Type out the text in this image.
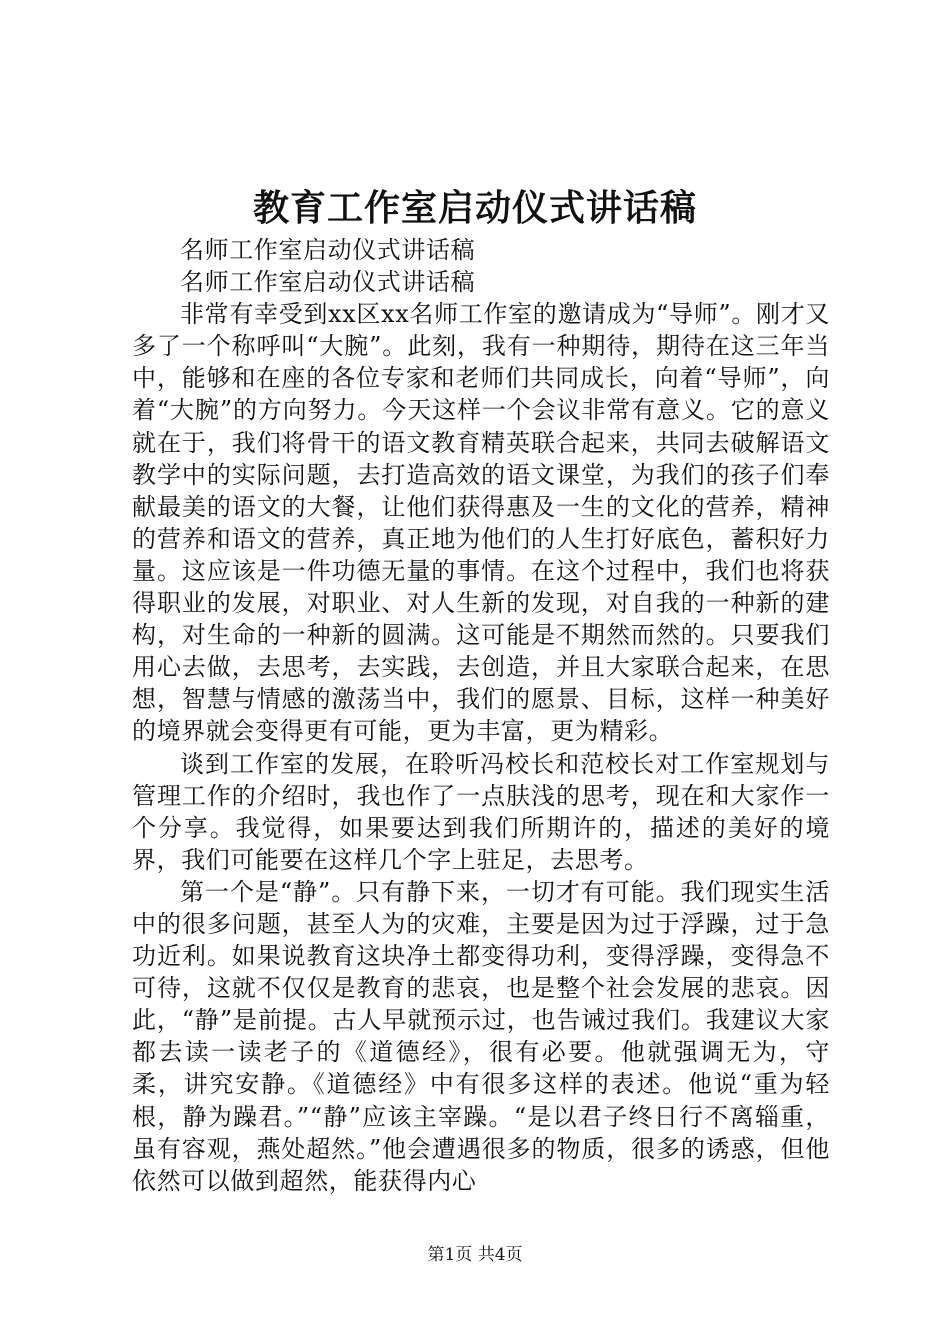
教育工作室启动仪式讲话稿

名师工作室启动仪式讲话稿

名师工作室启动仪式讲话稿

非常有幸受到xx区xx名师工作室的邀请成为“导师”。刚才又多了一个称呼叫“大腕”。此刻，我有一种期待，期待在这三年当中，能够和在座的各位专家和老师们共同成长，向着“导师”，向着“大腕”的方向努力。今天这样一个会议非常有意义。它的意义就在于，我们将骨干的语文教育精英联合起来，共同去破解语文教学中的实际问题，去打造高效的语文课堂，为我们的孩子们奉献最美的语文的大餐，让他们获得惠及一生的文化的营养，精神的营养和语文的营养，真正地为他们的人生打好底色，蓄积好力量。这应该是一件功德无量的事情。在这个过程中，我们也将获得职业的发展，对职业、对人生新的发现，对自我的一种新的建构，对生命的一种新的圆满。这可能是不期然而然的。只要我们用心去做，去思考，去实践，去创造，并且大家联合起来，在思想，智慧与情感的激荡当中，我们的愿景、目标，这样一种美好的境界就会变得更有可能，更为丰富，更为精彩。

谈到工作室的发展，在聆听冯校长和范校长对工作室规划与管理工作的介绍时，我也作了一点肤浅的思考，现在和大家作一个分享。我觉得，如果要达到我们所期许的，描述的美好的境界，我们可能要在这样几个字上驻足，去思考。

第一个是“静”。只有静下来，一切才有可能。我们现实生活中的很多问题，甚至人为的灾难，主要是因为过于浮躁，过于急功近利。如果说教育这块净土都变得功利，变得浮躁，变得急不可待，这就不仅仅是教育的悲哀，也是整个社会发展的悲哀。因此，“静”是前提。古人早就预示过，也告诫过我们。我建议大家都去读一读老子的《道德经》，很有必要。他就强调无为，守柔，讲究安静。《道德经》中有很多这样的表述。他说“重为轻根，静为躁君。”“静”应该主宰躁。“是以君子终日行不离辎重，虽有容观，燕处超然。”他会遭遇很多的物质，很多的诱惑，但他依然可以做到超然，能获得内心

第1页 共4页
